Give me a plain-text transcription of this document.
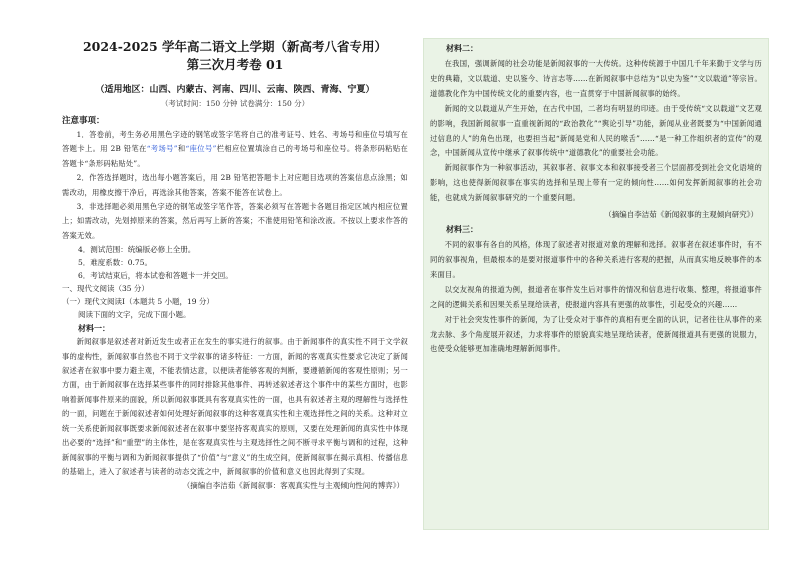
2024-2025 学年高二语文上学期（新高考八省专用）

第三次月考卷 01

（适用地区：山西、内蒙古、河南、四川、云南、陕西、青海、宁夏）
（考试时间：150 分钟 试卷满分：150 分）
注意事项：

1．答卷前，考生务必用黑色字迹的钢笔或签字笔将自己的准考证号、姓名、考场号和座位号填写在答题卡上。用 2B 铅笔在“考场号”和“座位号”栏相应位置填涂自己的考场号和座位号。将条形码粘贴在答题卡“条形码粘贴处”。

2．作答选择题时，选出每小题答案后，用 2B 铅笔把答题卡上对应题目选项的答案信息点涂黑；如需改动，用橡皮擦干净后，再选涂其他答案，答案不能答在试卷上。

3．非选择题必须用黑色字迹的钢笔或签字笔作答，答案必须写在答题卡各题目指定区域内相应位置上；如需改动，先划掉原来的答案，然后再写上新的答案；不准使用铅笔和涂改液。不按以上要求作答的答案无效。

4．测试范围：统编版必修上全册。

5．难度系数：0.75。

6．考试结束后，将本试卷和答题卡一并交回。

一、现代文阅读（35 分）

（一）现代文阅读Ⅰ（本题共 5 小题，19 分）

阅读下面的文字，完成下面小题。

材料一：

新闻叙事是叙述者对新近发生或者正在发生的事实进行的叙事。由于新闻事件的真实性不同于文学叙事的虚构性，新闻叙事自然也不同于文学叙事的诸多特征：一方面，新闻的客观真实性要求它决定了新闻叙述者在叙事中要力避主观，不能表情达意，以便读者能够客观的判断，要遵循新闻的客观性原则；另一方面，由于新闻叙事在选择某些事件的同时排除其他事件、再转述叙述者这个事件中的某些方面时，也影响着新闻事件原来的面貌，所以新闻叙事既具有客观真实性的一面，也具有叙述者主观的理解性与选择性的一面，问题在于新闻叙述者如何处理好新闻叙事的这种客观真实性和主观选择性之间的关系。这种对立统一关系使新闻叙事既要求新闻叙述者在叙事中要坚持客观真实的原则，又要在处理新闻的真实性中体现出必要的“选择”和“重塑”的主体性，是在客观真实性与主观选择性之间不断寻求平衡与调和的过程，这种新闻叙事的平衡与调和为新闻叙事提供了“价值”与“意义”的生成空间，使新闻叙事在揭示真相、传播信息的基础上，进入了叙述者与读者的动态交流之中，新闻叙事的价值和意义也因此得到了实现。

（摘编自李洁茹《新闻叙事：客观真实性与主观倾向性间的博弈》）

材料二：

在我国，强调新闻的社会功能是新闻叙事的一大传统。这种传统源于中国几千年来勤于文学与历史的典籍，文以载道、史以鉴今、诗言志等……在新闻叙事中总结为“以史为鉴”“文以载道”等宗旨。道德教化作为中国传统文化的重要内容，也一直贯穿于中国新闻叙事的始终。

新闻的文以载道从产生开始，在古代中国，二者均有明显的印迹。由于受传统“文以载道”文艺观的影响，我国新闻叙事一直重视新闻的“政治教化”“舆论引导”功能，新闻从业者既要为“中国新闻通过信息的人”的角色出现，也要担当起“新闻是党和人民的喉舌”……“是一种工作组织者的宣传”的观念，中国新闻从宣传中继承了叙事传统中“道德教化”的重要社会功能。

新闻叙事作为一种叙事活动，其叙事者、叙事文本和叙事接受者三个层面都受到社会文化语境的影响，这也使得新闻叙事在事实的选择和呈现上带有一定的倾向性……如何发挥新闻叙事的社会功能，也就成为新闻叙事研究的一个重要问题。

（摘编自李洁茹《新闻叙事的主观倾向研究》）

材料三：

不同的叙事有各自的风格，体现了叙述者对报道对象的理解和选择。叙事者在叙述事件时，有不同的叙事视角，但最根本的是要对报道事件中的各种关系进行客观的把握，从而真实地反映事件的本来面目。

以交友视角的报道为例，报道者在事件发生后对事件的情况和信息进行收集、整理，将报道事件之间的逻辑关系和因果关系呈现给读者，使报道内容具有更强的故事性，引起受众的兴趣……

对于社会突发性事件的新闻，为了让受众对于事件的真相有更全面的认识，记者往往从事件的来龙去脉、多个角度展开叙述，力求将事件的原貌真实地呈现给读者，使新闻报道具有更强的说服力，也使受众能够更加准确地理解新闻事件。
